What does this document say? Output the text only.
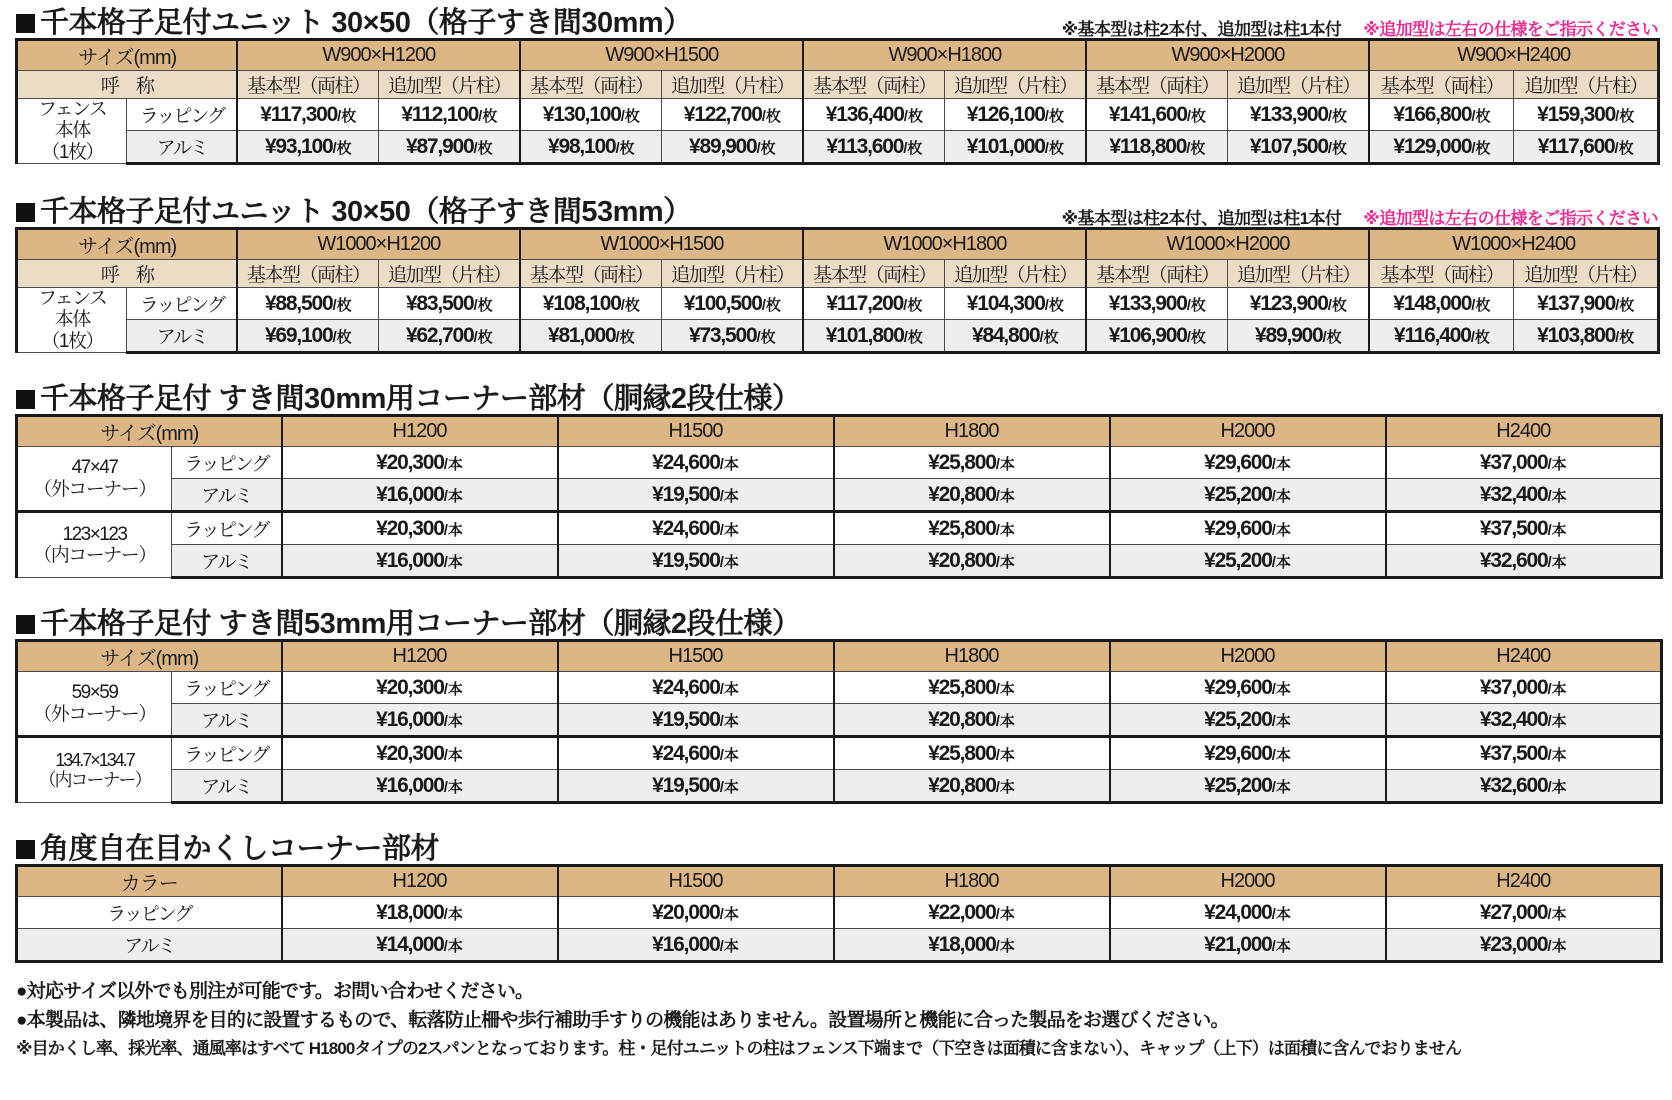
千本格子足付ユニット 30×50（格子すき間30mm）	※基本型は柱2本付、追加型は柱1本付 ※追加型は左右の仕様をご指示ください
サイズ(mm)		W900×H1200		W900×H1500		W900×H1800		W900×H2000		W900×H2400	
呼　称		基本型（両柱）	追加型（片柱）	基本型（両柱）	追加型（片柱）	基本型（両柱）	追加型（片柱）	基本型（両柱）	追加型（片柱）	基本型（両柱）	追加型（片柱）

フェンス
本体
（1枚）	ラッピング	¥117,300/枚	¥112,100/枚	¥130,100/枚	¥122,700/枚	¥136,400/枚	¥126,100/枚	¥141,600/枚	¥133,900/枚	¥166,800/枚	¥159,300/枚
	アルミ	¥93,100/枚	¥87,900/枚	¥98,100/枚	¥89,900/枚	¥113,600/枚	¥101,000/枚	¥118,800/枚	¥107,500/枚	¥129,000/枚	¥117,600/枚
千本格子足付ユニット 30×50（格子すき間53mm）	※基本型は柱2本付、追加型は柱1本付 ※追加型は左右の仕様をご指示ください
サイズ(mm)		W1000×H1200		W1000×H1500		W1000×H1800		W1000×H2000		W1000×H2400	
呼　称		基本型（両柱）	追加型（片柱）	基本型（両柱）	追加型（片柱）	基本型（両柱）	追加型（片柱）	基本型（両柱）	追加型（片柱）	基本型（両柱）	追加型（片柱）

フェンス
本体
（1枚）	ラッピング	¥88,500/枚	¥83,500/枚	¥108,100/枚	¥100,500/枚	¥117,200/枚	¥104,300/枚	¥133,900/枚	¥123,900/枚	¥148,000/枚	¥137,900/枚
	アルミ	¥69,100/枚	¥62,700/枚	¥81,000/枚	¥73,500/枚	¥101,800/枚	¥84,800/枚	¥106,900/枚	¥89,900/枚	¥116,400/枚	¥103,800/枚
千本格子足付 すき間30mm用コーナー部材（胴縁2段仕様）
サイズ(mm)		H1200	H1500	H1800	H2000	H2400

47×47
（外コーナー）	ラッピング	¥20,300/本	¥24,600/本	¥25,800/本	¥29,600/本	¥37,000/本
	アルミ	¥16,000/本	¥19,500/本	¥20,800/本	¥25,200/本	¥32,400/本

123×123
（内コーナー）	ラッピング	¥20,300/本	¥24,600/本	¥25,800/本	¥29,600/本	¥37,500/本
	アルミ	¥16,000/本	¥19,500/本	¥20,800/本	¥25,200/本	¥32,600/本
千本格子足付 すき間53mm用コーナー部材（胴縁2段仕様）
サイズ(mm)		H1200	H1500	H1800	H2000	H2400

59×59
（外コーナー）	ラッピング	¥20,300/本	¥24,600/本	¥25,800/本	¥29,600/本	¥37,000/本
	アルミ	¥16,000/本	¥19,500/本	¥20,800/本	¥25,200/本	¥32,400/本

134.7×134.7
（内コーナー）	ラッピング	¥20,300/本	¥24,600/本	¥25,800/本	¥29,600/本	¥37,500/本
	アルミ	¥16,000/本	¥19,500/本	¥20,800/本	¥25,200/本	¥32,600/本
角度自在目かくしコーナー部材
カラー	H1200	H1500	H1800	H2000	H2400
ラッピング	¥18,000/本	¥20,000/本	¥22,000/本	¥24,000/本	¥27,000/本
アルミ	¥14,000/本	¥16,000/本	¥18,000/本	¥21,000/本	¥23,000/本
●対応サイズ以外でも別注が可能です。お問い合わせください。
●本製品は、隣地境界を目的に設置するもので、転落防止柵や歩行補助手すりの機能はありません。設置場所と機能に合った製品をお選びください。
※目かくし率、採光率、通風率はすべて H1800タイプの2スパンとなっております。柱・足付ユニットの柱はフェンス下端まで（下空きは面積に含まない）、キャップ（上下）は面積に含んでおりません
